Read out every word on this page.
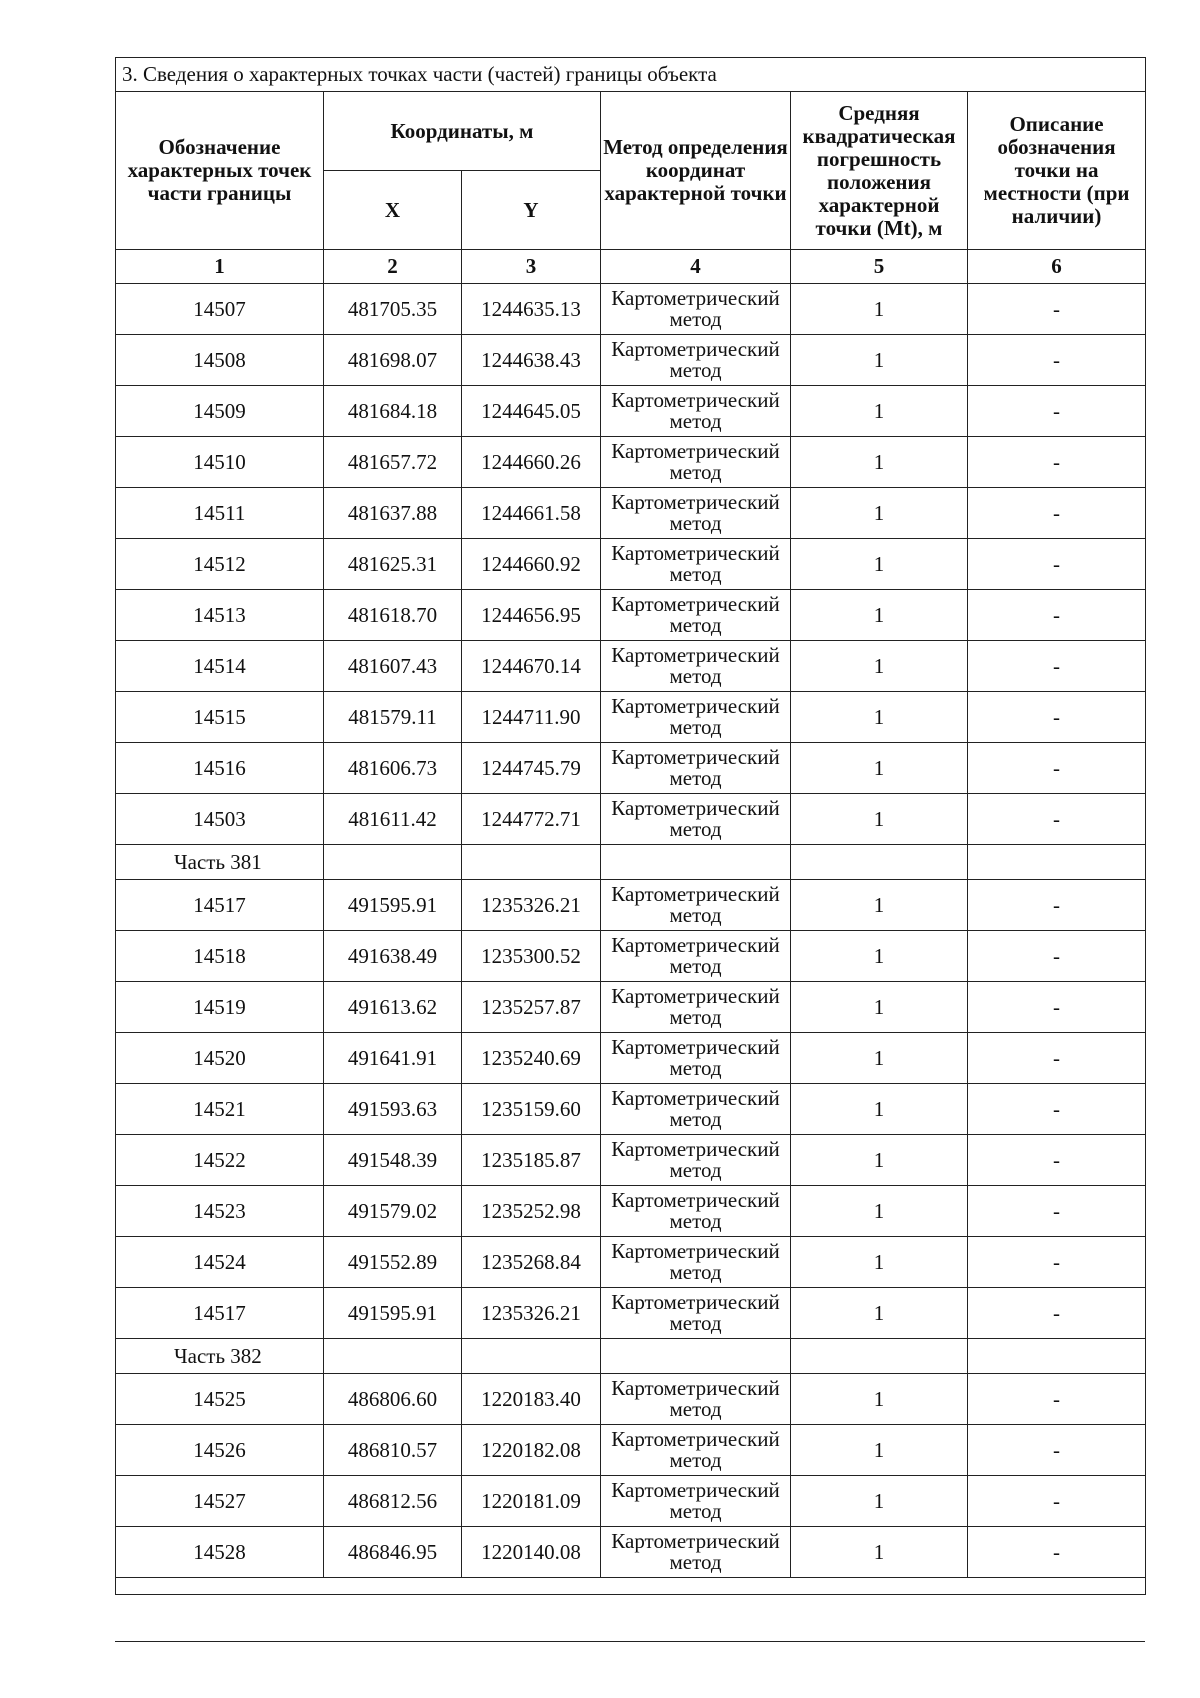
3. Сведения о характерных точках части (частей) границы объекта					
Обозначение характерных точек части границы	Координаты, м		Метод определения координат характерной точки	Средняя квадратическая погрешность положения характерной точки (Mt), м	Описание обозначения точки на местности (при наличии)
	X	Y			
1	2	3	4	5	6
14507	481705.35	1244635.13	Картометрический метод	1	-
14508	481698.07	1244638.43	Картометрический метод	1	-
14509	481684.18	1244645.05	Картометрический метод	1	-
14510	481657.72	1244660.26	Картометрический метод	1	-
14511	481637.88	1244661.58	Картометрический метод	1	-
14512	481625.31	1244660.92	Картометрический метод	1	-
14513	481618.70	1244656.95	Картометрический метод	1	-
14514	481607.43	1244670.14	Картометрический метод	1	-
14515	481579.11	1244711.90	Картометрический метод	1	-
14516	481606.73	1244745.79	Картометрический метод	1	-
14503	481611.42	1244772.71	Картометрический метод	1	-
Часть 381					
14517	491595.91	1235326.21	Картометрический метод	1	-
14518	491638.49	1235300.52	Картометрический метод	1	-
14519	491613.62	1235257.87	Картометрический метод	1	-
14520	491641.91	1235240.69	Картометрический метод	1	-
14521	491593.63	1235159.60	Картометрический метод	1	-
14522	491548.39	1235185.87	Картометрический метод	1	-
14523	491579.02	1235252.98	Картометрический метод	1	-
14524	491552.89	1235268.84	Картометрический метод	1	-
14517	491595.91	1235326.21	Картометрический метод	1	-
Часть 382					
14525	486806.60	1220183.40	Картометрический метод	1	-
14526	486810.57	1220182.08	Картометрический метод	1	-
14527	486812.56	1220181.09	Картометрический метод	1	-
14528	486846.95	1220140.08	Картометрический метод	1	-
